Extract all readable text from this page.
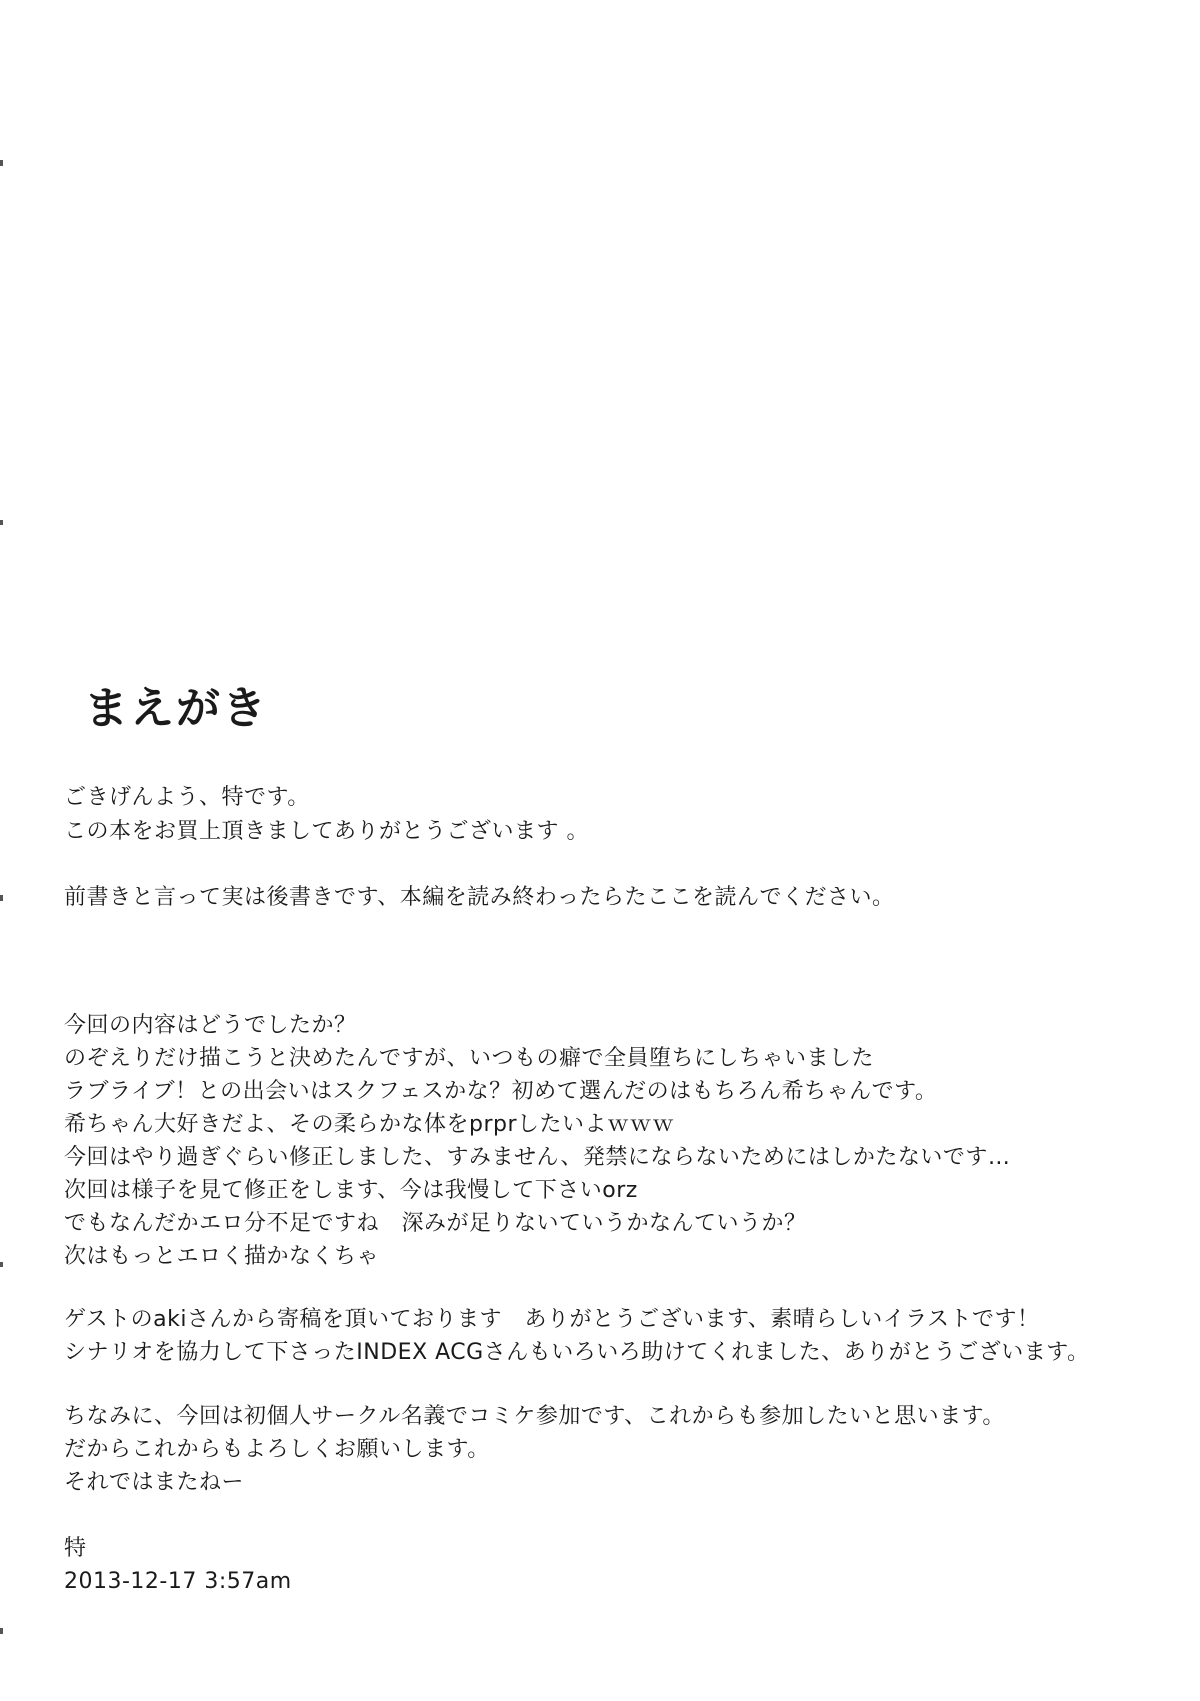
まえがき
ごきげんよう、特です。
この本をお買上頂きましてありがとうございます 。
前書きと言って実は後書きです、本編を読み終わったらたここを読んでください。
今回の内容はどうでしたか？
のぞえりだけ描こうと決めたんですが、いつもの癖で全員堕ちにしちゃいました
ラブライブ！との出会いはスクフェスかな？初めて選んだのはもちろん希ちゃんです。
希ちゃん大好きだよ、その柔らかな体をprprしたいよｗｗｗ
今回はやり過ぎぐらい修正しました、すみません、発禁にならないためにはしかたないです…
次回は様子を見て修正をします、今は我慢して下さいorz
でもなんだかエロ分不足ですね　深みが足りないていうかなんていうか？
次はもっとエロく描かなくちゃ
ゲストのakiさんから寄稿を頂いております　ありがとうございます、素晴らしいイラストです！
シナリオを協力して下さったINDEX ACGさんもいろいろ助けてくれました、ありがとうございます。
ちなみに、今回は初個人サークル名義でコミケ参加です、これからも参加したいと思います。
だからこれからもよろしくお願いします。
それではまたねー
特
2013-12-17 3:57am
